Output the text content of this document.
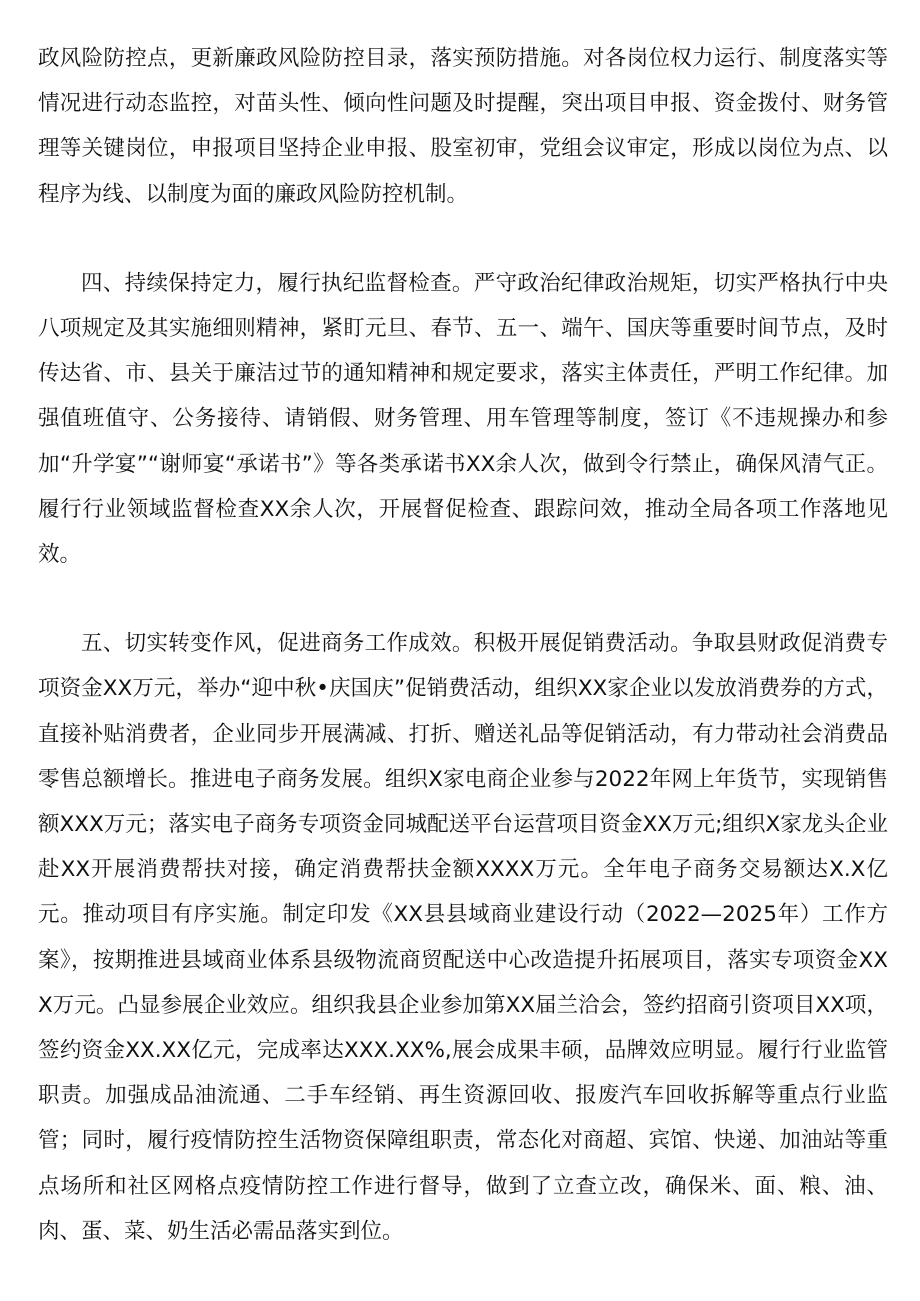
政风险防控点，更新廉政风险防控目录，落实预防措施。对各岗位权力运行、制度落实等情况进行动态监控，对苗头性、倾向性问题及时提醒，突出项目申报、资金拨付、财务管理等关键岗位，申报项目坚持企业申报、股室初审，党组会议审定，形成以岗位为点、以程序为线、以制度为面的廉政风险防控机制。

四、持续保持定力，履行执纪监督检查。严守政治纪律政治规矩，切实严格执行中央八项规定及其实施细则精神，紧盯元旦、春节、五一、端午、国庆等重要时间节点，及时传达省、市、县关于廉洁过节的通知精神和规定要求，落实主体责任，严明工作纪律。加强值班值守、公务接待、请销假、财务管理、用车管理等制度，签订《不违规操办和参加“升学宴”“谢师宴“承诺书”》等各类承诺书XX余人次，做到令行禁止，确保风清气正。履行行业领域监督检查XX余人次，开展督促检查、跟踪问效，推动全局各项工作落地见效。

五、切实转变作风，促进商务工作成效。积极开展促销费活动。争取县财政促消费专项资金XX万元，举办“迎中秋•庆国庆”促销费活动，组织XX家企业以发放消费券的方式，直接补贴消费者，企业同步开展满减、打折、赠送礼品等促销活动，有力带动社会消费品零售总额增长。推进电子商务发展。组织X家电商企业参与2022年网上年货节，实现销售额XXX万元；落实电子商务专项资金同城配送平台运营项目资金XX万元;组织X家龙头企业赴XX开展消费帮扶对接，确定消费帮扶金额XXXX万元。全年电子商务交易额达X.X亿元。推动项目有序实施。制定印发《XX县县域商业建设行动（2022—2025年）工作方案》，按期推进县域商业体系县级物流商贸配送中心改造提升拓展项目，落实专项资金XXX万元。凸显参展企业效应。组织我县企业参加第XX届兰洽会，签约招商引资项目XX项，签约资金XX.XX亿元，完成率达XXX.XX%,展会成果丰硕，品牌效应明显。履行行业监管职责。加强成品油流通、二手车经销、再生资源回收、报废汽车回收拆解等重点行业监管；同时，履行疫情防控生活物资保障组职责，常态化对商超、宾馆、快递、加油站等重点场所和社区网格点疫情防控工作进行督导，做到了立查立改，确保米、面、粮、油、肉、蛋、菜、奶生活必需品落实到位。
